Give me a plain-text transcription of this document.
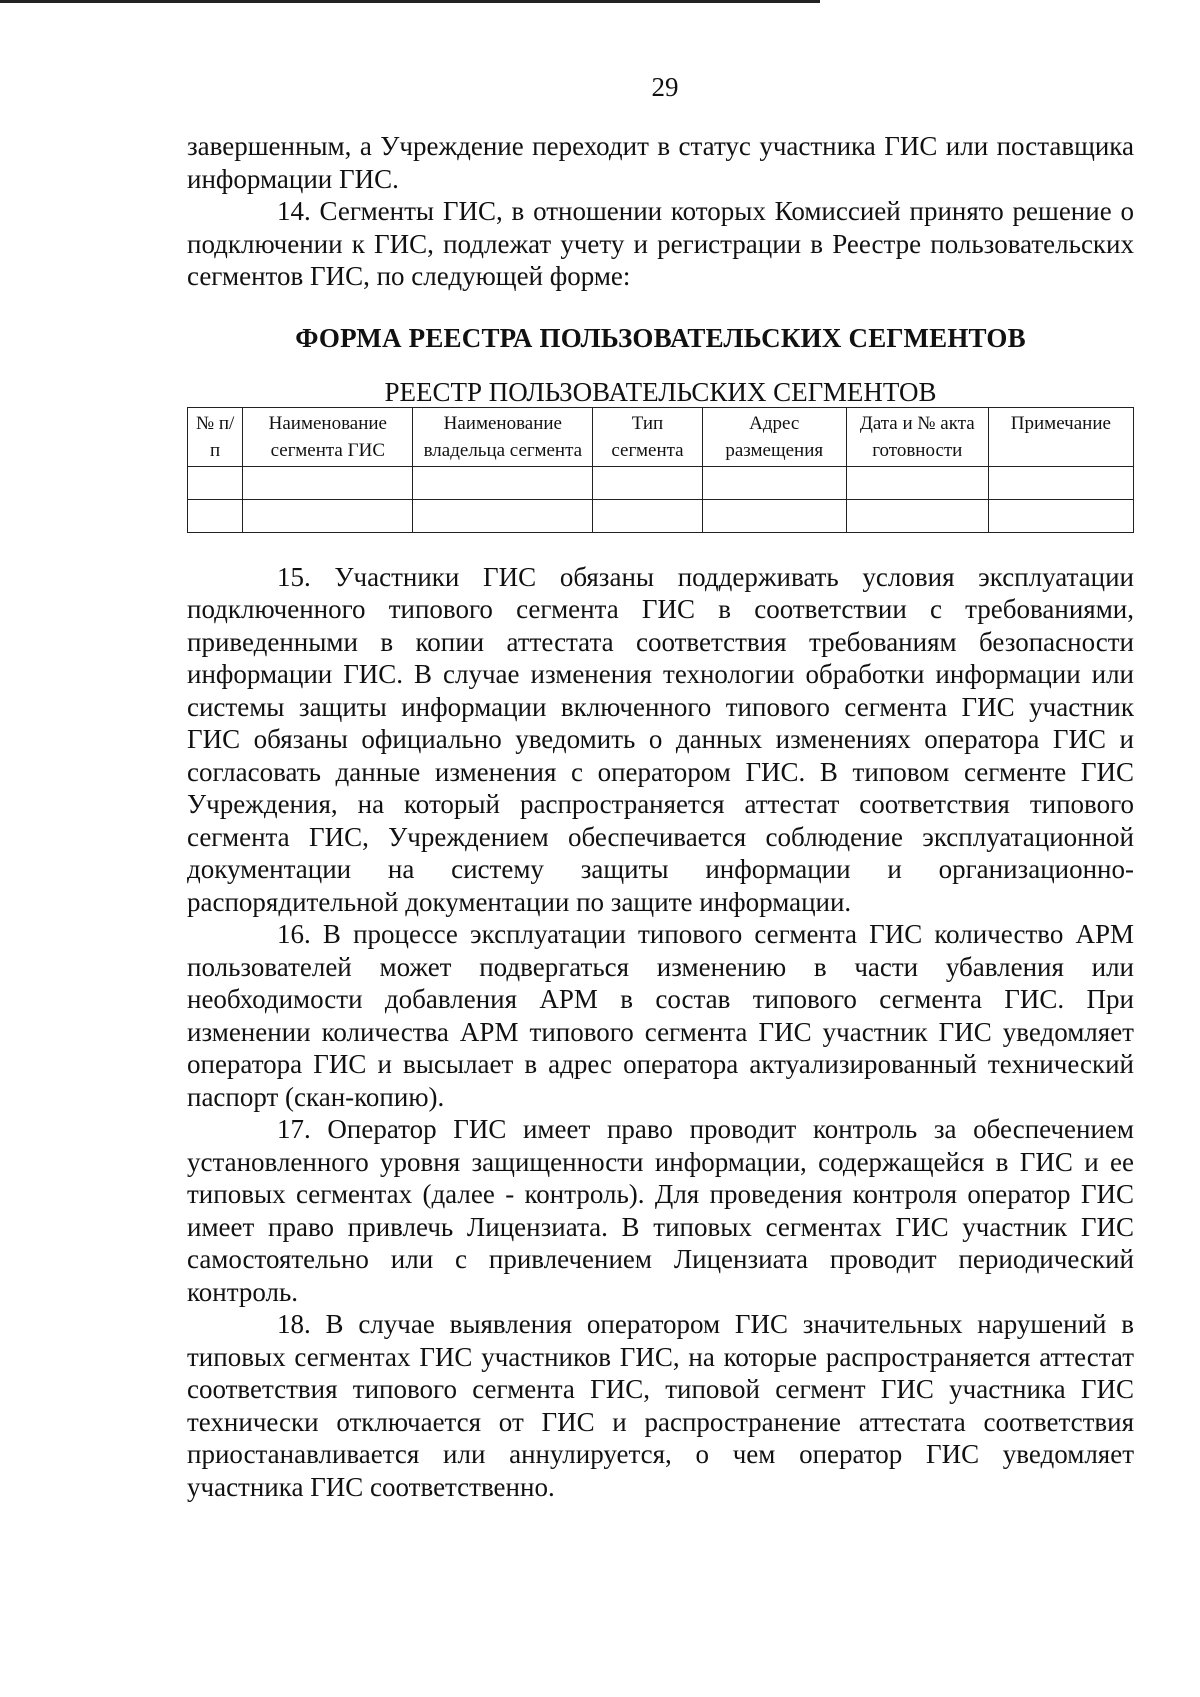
29

завершенным, а Учреждение переходит в статус участника ГИС или поставщика информации ГИС.

14. Сегменты ГИС, в отношении которых Комиссией принято решение о подключении к ГИС, подлежат учету и регистрации в Реестре пользовательских сегментов ГИС, по следующей форме:

ФОРМА РЕЕСТРА ПОЛЬЗОВАТЕЛЬСКИХ СЕГМЕНТОВ
РЕЕСТР ПОЛЬЗОВАТЕЛЬСКИХ СЕГМЕНТОВ
№ п/п	Наименование сегмента ГИС	Наименование владельца сегмента	Тип сегмента	Адрес размещения	Дата и № акта готовности	Примечание

15. Участники ГИС обязаны поддерживать условия эксплуатации подключенного типового сегмента ГИС в соответствии с требованиями, приведенными в копии аттестата соответствия требованиям безопасности информации ГИС. В случае изменения технологии обработки информации или системы защиты информации включенного типового сегмента ГИС участник ГИС обязаны официально уведомить о данных изменениях оператора ГИС и согласовать данные изменения с оператором ГИС. В типовом сегменте ГИС Учреждения, на который распространяется аттестат соответствия типового сегмента ГИС, Учреждением обеспечивается соблюдение эксплуатационной документации на систему защиты информации и организационно-распорядительной документации по защите информации.

16. В процессе эксплуатации типового сегмента ГИС количество АРМ пользователей может подвергаться изменению в части убавления или необходимости добавления АРМ в состав типового сегмента ГИС. При изменении количества АРМ типового сегмента ГИС участник ГИС уведомляет оператора ГИС и высылает в адрес оператора актуализированный технический паспорт (скан-копию).

17. Оператор ГИС имеет право проводит контроль за обеспечением установленного уровня защищенности информации, содержащейся в ГИС и ее типовых сегментах (далее - контроль). Для проведения контроля оператор ГИС имеет право привлечь Лицензиата. В типовых сегментах ГИС участник ГИС самостоятельно или с привлечением Лицензиата проводит периодический контроль.

18. В случае выявления оператором ГИС значительных нарушений в типовых сегментах ГИС участников ГИС, на которые распространяется аттестат соответствия типового сегмента ГИС, типовой сегмент ГИС участника ГИС технически отключается от ГИС и распространение аттестата соответствия приостанавливается или аннулируется, о чем оператор ГИС уведомляет участника ГИС соответственно.
